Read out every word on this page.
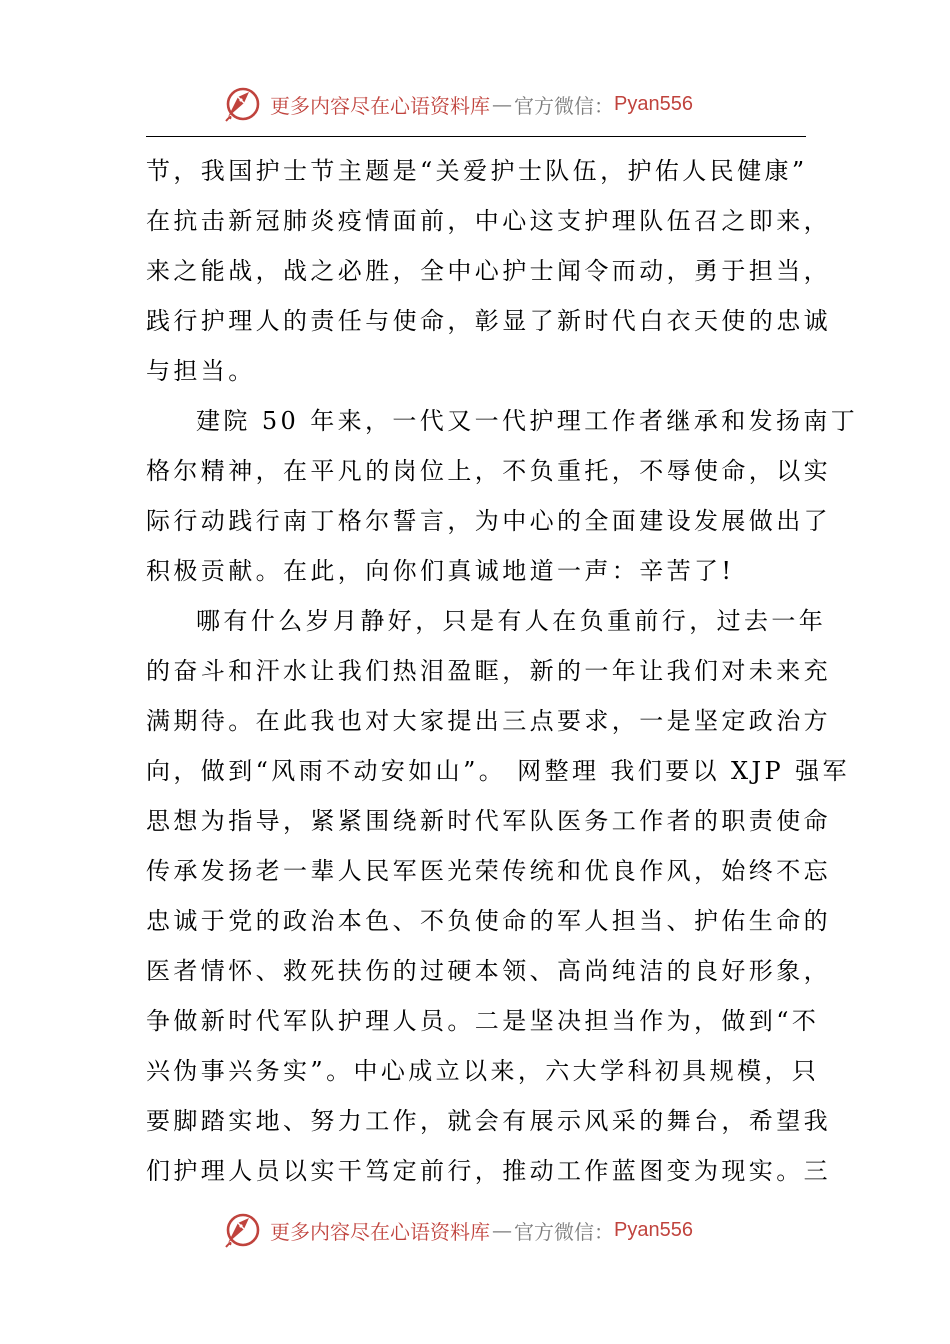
更多内容尽在心语资料库 — 官方微信： Pyan556
节，我国护士节主题是“关爱护士队伍，护佑人民健康”
在抗击新冠肺炎疫情面前，中心这支护理队伍召之即来，
来之能战，战之必胜，全中心护士闻令而动，勇于担当，
践行护理人的责任与使命，彰显了新时代白衣天使的忠诚
与担当。
建院 50 年来，一代又一代护理工作者继承和发扬南丁
格尔精神，在平凡的岗位上，不负重托，不辱使命，以实
际行动践行南丁格尔誓言，为中心的全面建设发展做出了
积极贡献。在此，向你们真诚地道一声：辛苦了!
哪有什么岁月静好，只是有人在负重前行，过去一年
的奋斗和汗水让我们热泪盈眶，新的一年让我们对未来充
满期待。在此我也对大家提出三点要求，一是坚定政治方
向，做到“风雨不动安如山”。 网整理 我们要以 XJP 强军
思想为指导，紧紧围绕新时代军队医务工作者的职责使命
传承发扬老一辈人民军医光荣传统和优良作风，始终不忘
忠诚于党的政治本色、不负使命的军人担当、护佑生命的
医者情怀、救死扶伤的过硬本领、高尚纯洁的良好形象，
争做新时代军队护理人员。二是坚决担当作为，做到“不
兴伪事兴务实”。中心成立以来，六大学科初具规模，只
要脚踏实地、努力工作，就会有展示风采的舞台，希望我
们护理人员以实干笃定前行，推动工作蓝图变为现实。三
更多内容尽在心语资料库 — 官方微信： Pyan556
